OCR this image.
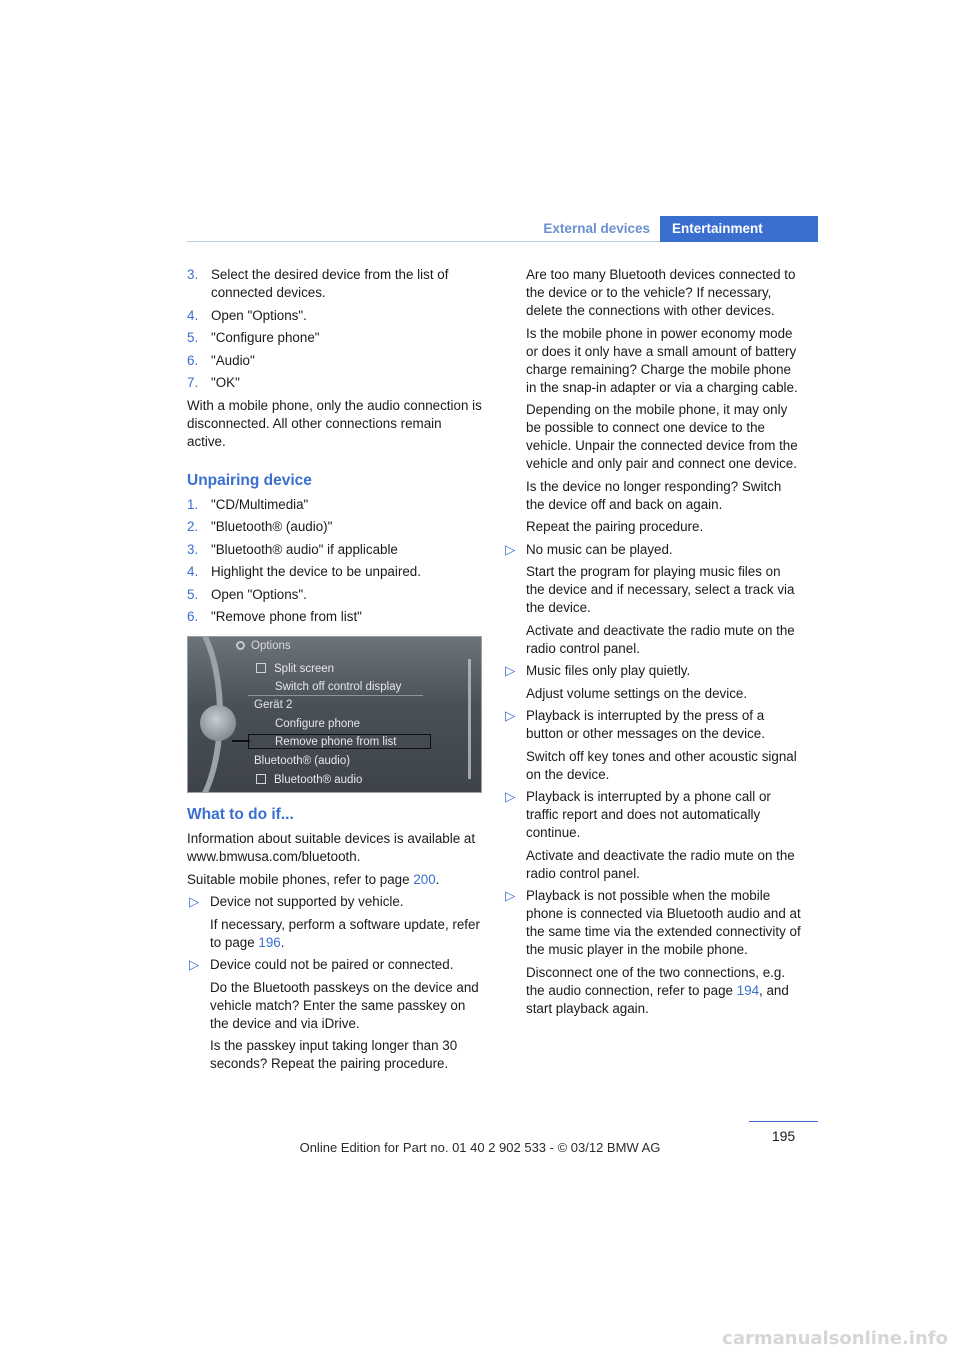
External devices	Entertainment
3. Select the desired device from the list of connected devices.
4. Open "Options".
5. "Configure phone"
6. "Audio"
7. "OK"

With a mobile phone, only the audio connection is disconnected. All other connections remain active.

Unpairing device
1. "CD/Multimedia"
2. "Bluetooth® (audio)"
3. "Bluetooth® audio" if applicable
4. Highlight the device to be unpaired.
5. Open "Options".
6. "Remove phone from list"
Options
Split screen
Switch off control display
Gerät 2
Configure phone
Remove phone from list
Bluetooth® (audio)
Bluetooth® audio
What to do if...

Information about suitable devices is available at www.bmwusa.com/bluetooth.

Suitable mobile phones, refer to page 200.

▷ Device not supported by vehicle.
If necessary, perform a software update, refer to page 196.
▷ Device could not be paired or connected.
Do the Bluetooth passkeys on the device and vehicle match? Enter the same passkey on the device and via iDrive.
Is the passkey input taking longer than 30 seconds? Repeat the pairing procedure.
Are too many Bluetooth devices connected to the device or to the vehicle? If necessary, delete the connections with other devices.
Is the mobile phone in power economy mode or does it only have a small amount of battery charge remaining? Charge the mobile phone in the snap-in adapter or via a charging cable.
Depending on the mobile phone, it may only be possible to connect one device to the vehicle. Unpair the connected device from the vehicle and only pair and connect one device.
Is the device no longer responding? Switch the device off and back on again.
Repeat the pairing procedure.
▷ No music can be played.
Start the program for playing music files on the device and if necessary, select a track via the device.
Activate and deactivate the radio mute on the radio control panel.
▷ Music files only play quietly.
Adjust volume settings on the device.
▷ Playback is interrupted by the press of a button or other messages on the device.
Switch off key tones and other acoustic signal on the device.
▷ Playback is interrupted by a phone call or traffic report and does not automatically continue.
Activate and deactivate the radio mute on the radio control panel.
▷ Playback is not possible when the mobile phone is connected via Bluetooth audio and at the same time via the extended connectivity of the music player in the mobile phone.
Disconnect one of the two connections, e.g. the audio connection, refer to page 194, and start playback again.
195
Online Edition for Part no. 01 40 2 902 533 - © 03/12 BMW AG
carmanualsonline.info
